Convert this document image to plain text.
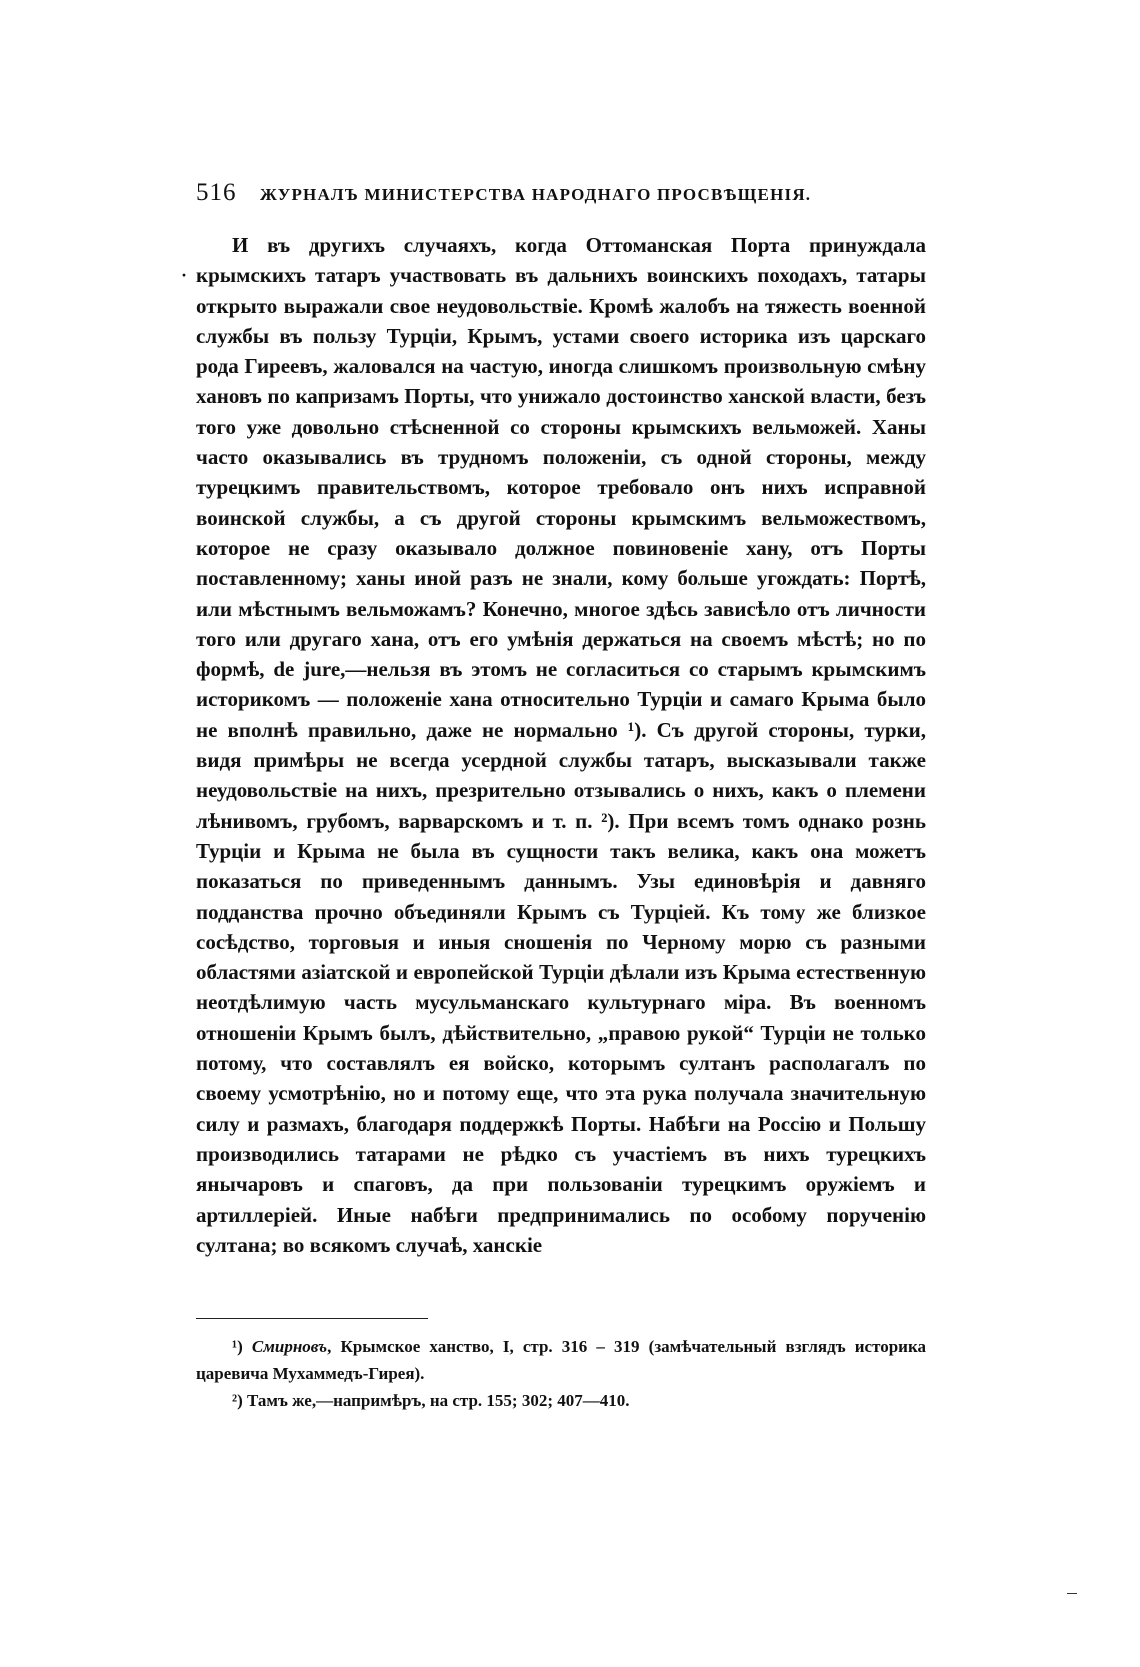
516 ЖУРНАЛЪ МИНИСТЕРСТВА НАРОДНАГО ПРОСВѢЩЕНІЯ.
·

И въ другихъ случаяхъ, когда Оттоманская Порта принуждала крымскихъ татаръ участвовать въ дальнихъ воинскихъ походахъ, татары открыто выражали свое неудовольствіе. Кромѣ жалобъ на тяжесть военной службы въ пользу Турціи, Крымъ, устами своего историка изъ царскаго рода Гиреевъ, жаловался на частую, иногда слишкомъ произвольную смѣну хановъ по капризамъ Порты, что унижало достоинство ханской власти, безъ того уже довольно стѣсненной со стороны крымскихъ вельможей. Ханы часто оказывались въ трудномъ положеніи, съ одной стороны, между турецкимъ правительствомъ, которое требовало онъ нихъ исправной воинской службы, а съ другой стороны крымскимъ вельможествомъ, которое не сразу оказывало должное повиновеніе хану, отъ Порты поставленному; ханы иной разъ не знали, кому больше угождать: Портѣ, или мѣстнымъ вельможамъ? Конечно, многое здѣсь зависѣло отъ личности того или другаго хана, отъ его умѣнія держаться на своемъ мѣстѣ; но по формѣ, de jure,—нельзя въ этомъ не согласиться со старымъ крымскимъ историкомъ — положеніе хана относительно Турціи и самаго Крыма было не вполнѣ правильно, даже не нормально ¹). Съ другой стороны, турки, видя примѣры не всегда усердной службы татаръ, высказывали также неудовольствіе на нихъ, презрительно отзывались о нихъ, какъ о племени лѣнивомъ, грубомъ, варварскомъ и т. п. ²). При всемъ томъ однако рознь Турціи и Крыма не была въ сущности такъ велика, какъ она можетъ показаться по приведеннымъ даннымъ. Узы единовѣрія и давняго подданства прочно объединяли Крымъ съ Турціей. Къ тому же близкое сосѣдство, торговыя и иныя сношенія по Черному морю съ разными областями азіатской и европейской Турціи дѣлали изъ Крыма естественную неотдѣлимую часть мусульманскаго культурнаго міра. Въ военномъ отношеніи Крымъ былъ, дѣйствительно, „правою рукой“ Турціи не только потому, что составлялъ ея войско, которымъ султанъ располагалъ по своему усмотрѣнію, но и потому еще, что эта рука получала значительную силу и размахъ, благодаря поддержкѣ Порты. Набѣги на Россію и Польшу производились татарами не рѣдко съ участіемъ въ нихъ турецкихъ янычаровъ и спаговъ, да при пользованіи турецкимъ оружіемъ и артиллеріей. Иные набѣги предпринимались по особому порученію султана; во всякомъ случаѣ, ханскіе

¹) Смирновъ, Крымское ханство, I, стр. 316 – 319 (замѣчательный взглядъ историка царевича Мухаммедъ-Гирея).

²) Тамъ же,—напримѣръ, на стр. 155; 302; 407—410.
